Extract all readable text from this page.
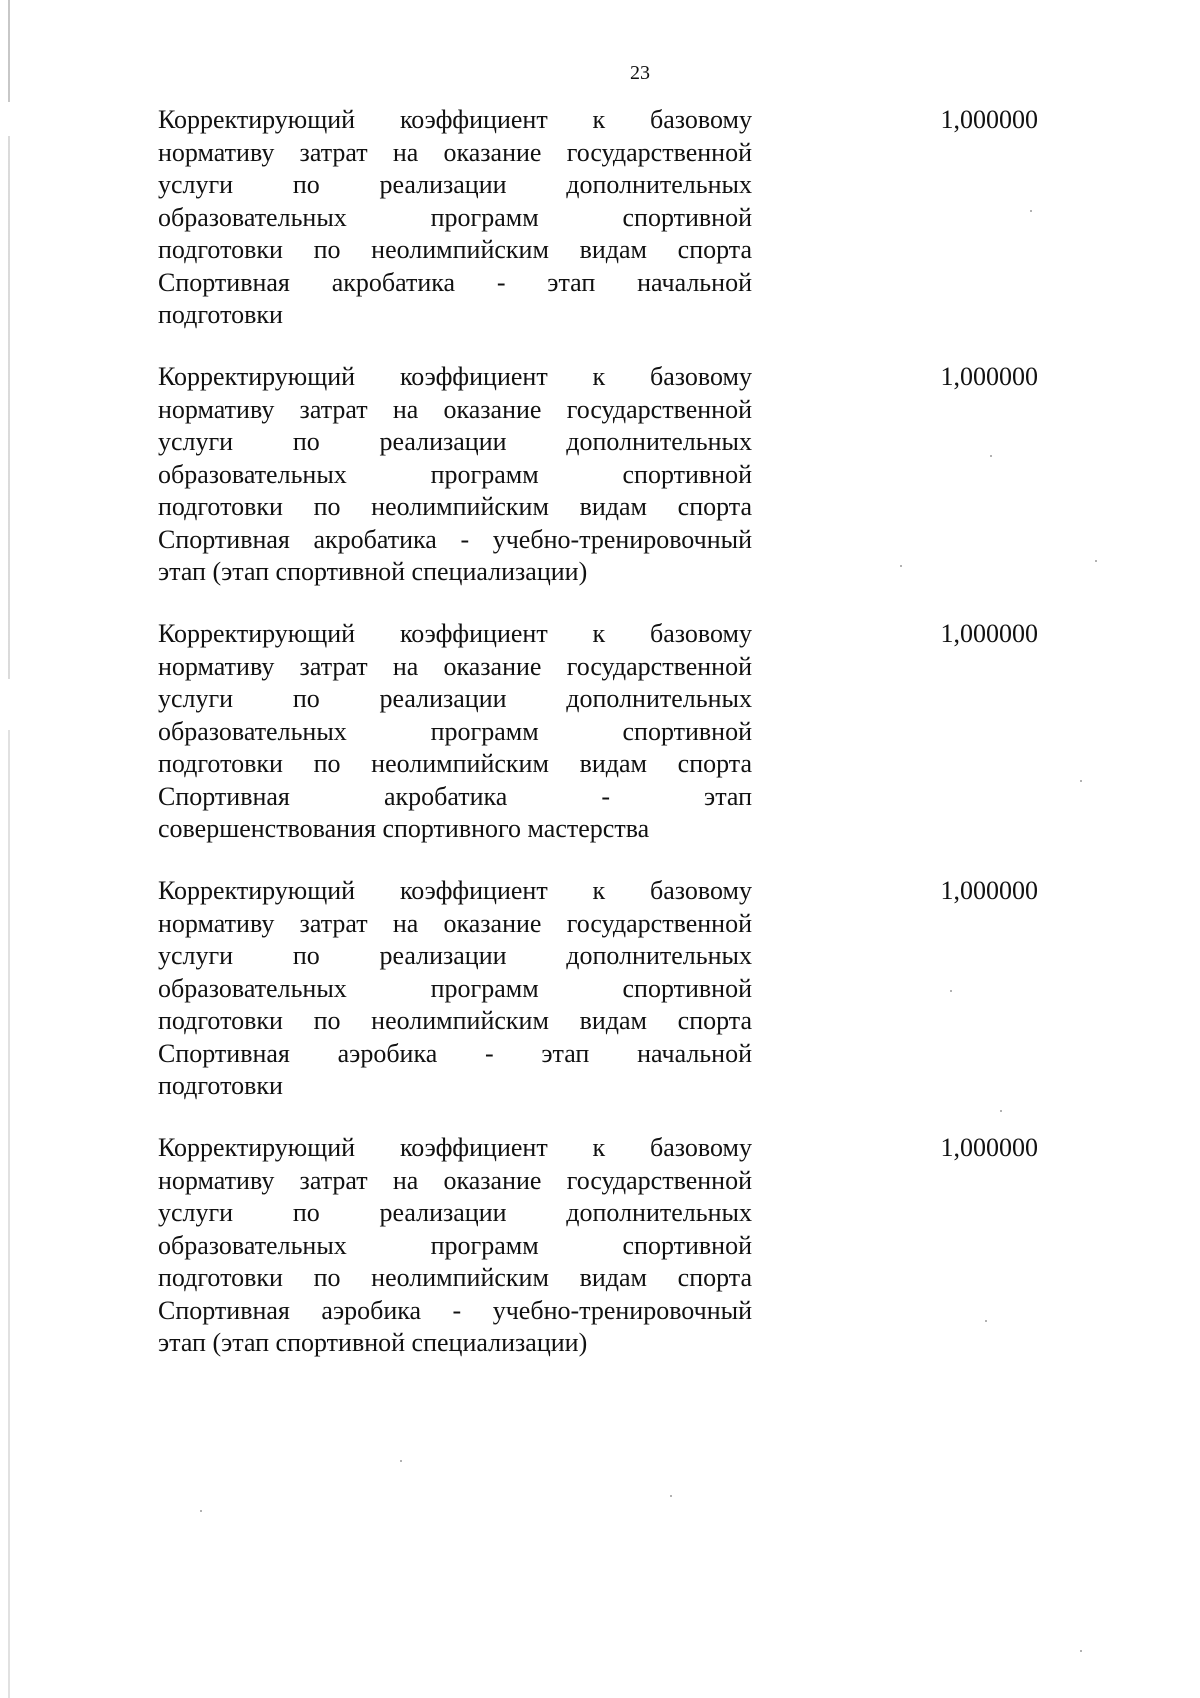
23
Корректирующий коэффициент к базовому
нормативу затрат на оказание государственной
услуги по реализации дополнительных
образовательных программ спортивной
подготовки по неолимпийским видам спорта
Спортивная акробатика - этап начальной
подготовки
1,000000
Корректирующий коэффициент к базовому
нормативу затрат на оказание государственной
услуги по реализации дополнительных
образовательных программ спортивной
подготовки по неолимпийским видам спорта
Спортивная акробатика - учебно-тренировочный
этап (этап спортивной специализации)
1,000000
Корректирующий коэффициент к базовому
нормативу затрат на оказание государственной
услуги по реализации дополнительных
образовательных программ спортивной
подготовки по неолимпийским видам спорта
Спортивная акробатика - этап
совершенствования спортивного мастерства
1,000000
Корректирующий коэффициент к базовому
нормативу затрат на оказание государственной
услуги по реализации дополнительных
образовательных программ спортивной
подготовки по неолимпийским видам спорта
Спортивная аэробика - этап начальной
подготовки
1,000000
Корректирующий коэффициент к базовому
нормативу затрат на оказание государственной
услуги по реализации дополнительных
образовательных программ спортивной
подготовки по неолимпийским видам спорта
Спортивная аэробика - учебно-тренировочный
этап (этап спортивной специализации)
1,000000
